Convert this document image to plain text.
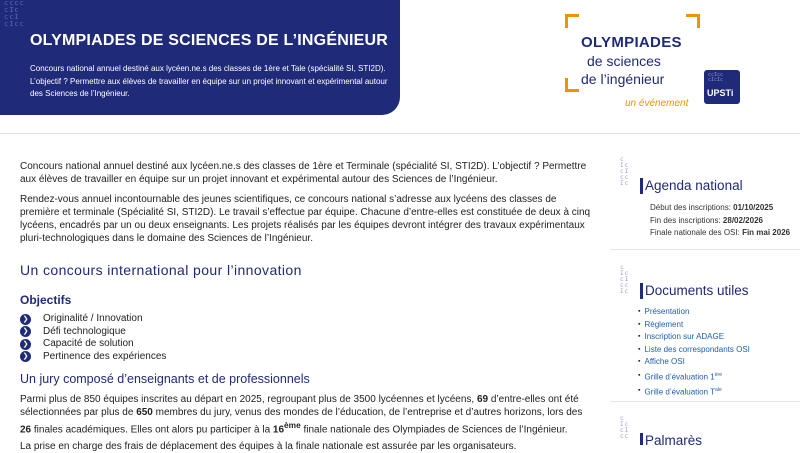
cccc
cIc
ccI
cIcc
OLYMPIADES DE SCIENCES DE L’INGÉNIEUR

Concours national annuel destiné aux lycéen.ne.s des classes de 1ère et Tale (spécialité SI, STI2D). L’objectif ? Permettre aux élèves de travailler en équipe sur un projet innovant et expérimental autour des Sciences de l’Ingénieur.

OLYMPIADES
de sciences
de l’ingénieur
un événement
ccIcc
cIcIc
UPSTi

Concours national annuel destiné aux lycéen.ne.s des classes de 1ère et Terminale (spécialité SI, STI2D). L’objectif ? Permettre aux élèves de travailler en équipe sur un projet innovant et expérimental autour des Sciences de l’Ingénieur.

Rendez-vous annuel incontournable des jeunes scientifiques, ce concours national s’adresse aux lycéens des classes de première et terminale (Spécialité SI, STI2D). Le travail s’effectue par équipe. Chacune d’entre-elles est constituée de deux à cinq lycéens, encadrés par un ou deux enseignants. Les projets réalisés par les équipes devront intégrer des travaux expérimentaux pluri-technologiques dans le domaine des Sciences de l’Ingénieur.

Un concours international pour l’innovation
Objectifs
❯ Originalité / Innovation
❯ Défi technologique
❯ Capacité de solution
❯ Pertinence des expériences
Un jury composé d’enseignants et de professionnels

Parmi plus de 850 équipes inscrites au départ en 2025, regroupant plus de 3500 lycéennes et lycéens, 69 d’entre-elles ont été sélectionnées par plus de 650 membres du jury, venus des mondes de l’éducation, de l’entreprise et d’autres horizons, lors des 26 finales académiques. Elles ont alors pu participer à la 16ème finale nationale des Olympiades de Sciences de l’Ingénieur.

La prise en charge des frais de déplacement des équipes à la finale nationale est assurée par les organisateurs.

c
Ic
cI
cc
Ic Agenda national
Début des inscriptions: 01/10/2025
Fin des inscriptions: 28/02/2026
Finale nationale des OSI: Fin mai 2026
c
Ic
cI
cc
Ic Documents utiles
▪ Présentation
▪ Règlement
▪ Inscription sur ADAGE
▪ Liste des correspondants OSI
▪ Affiche OSI
▪ Grille d’évaluation 1ère
▪ Grille d’évaluation $T^{ale}$
c
Ic
cI
cc Palmarès
